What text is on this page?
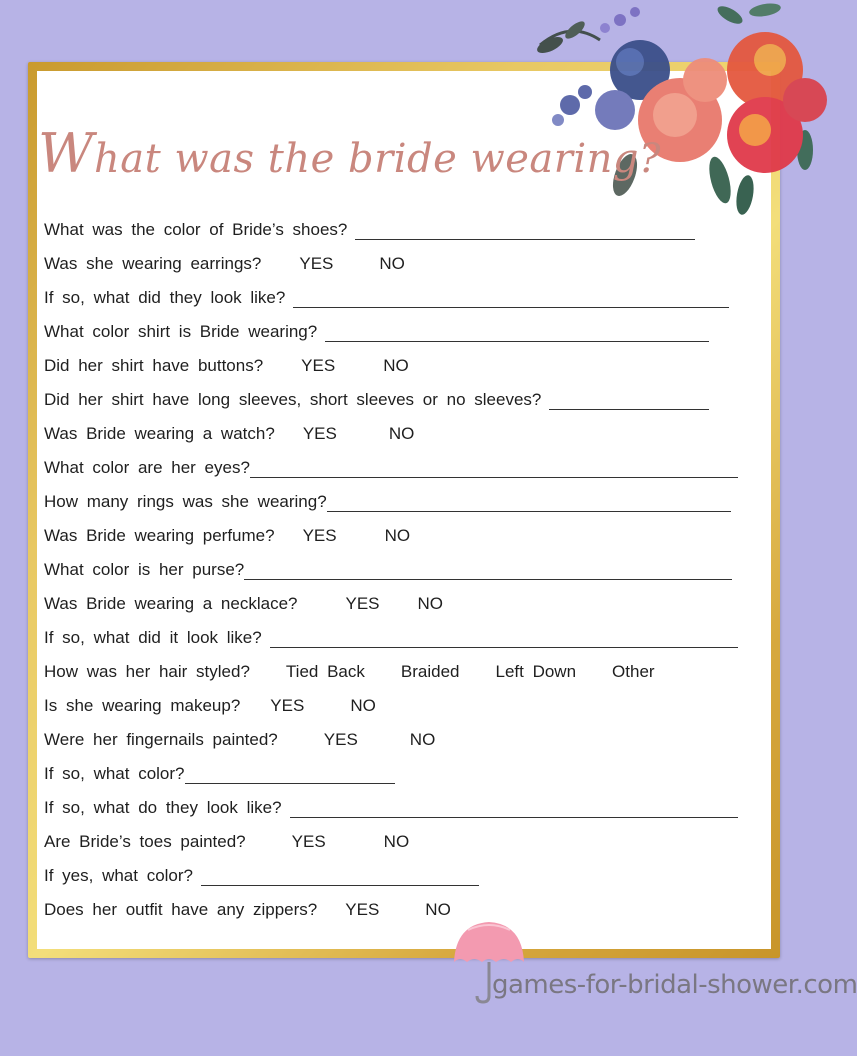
What was the bride wearing?
What was the color of Bride’s shoes?
Was she wearing earrings? YES	NO
If so, what did they look like?
What color shirt is Bride wearing?
Did her shirt have buttons? YES	NO
Did her shirt have long sleeves, short sleeves or no sleeves?
Was Bride wearing a watch? YES	NO
What color are her eyes?
How many rings was she wearing?
Was Bride wearing perfume? YES	NO
What color is her purse?
Was Bride wearing a necklace?	YES NO
If so, what did it look like?
How was her hair styled? Tied Back Braided Left Down Other
Is she wearing makeup? YES	NO
Were her fingernails painted?	YES	NO
If so, what color?
If so, what do they look like?
Are Bride’s toes painted?	YES	NO
If yes, what color?
Does her outfit have any zippers? YES	NO
games-for-bridal-shower.com
